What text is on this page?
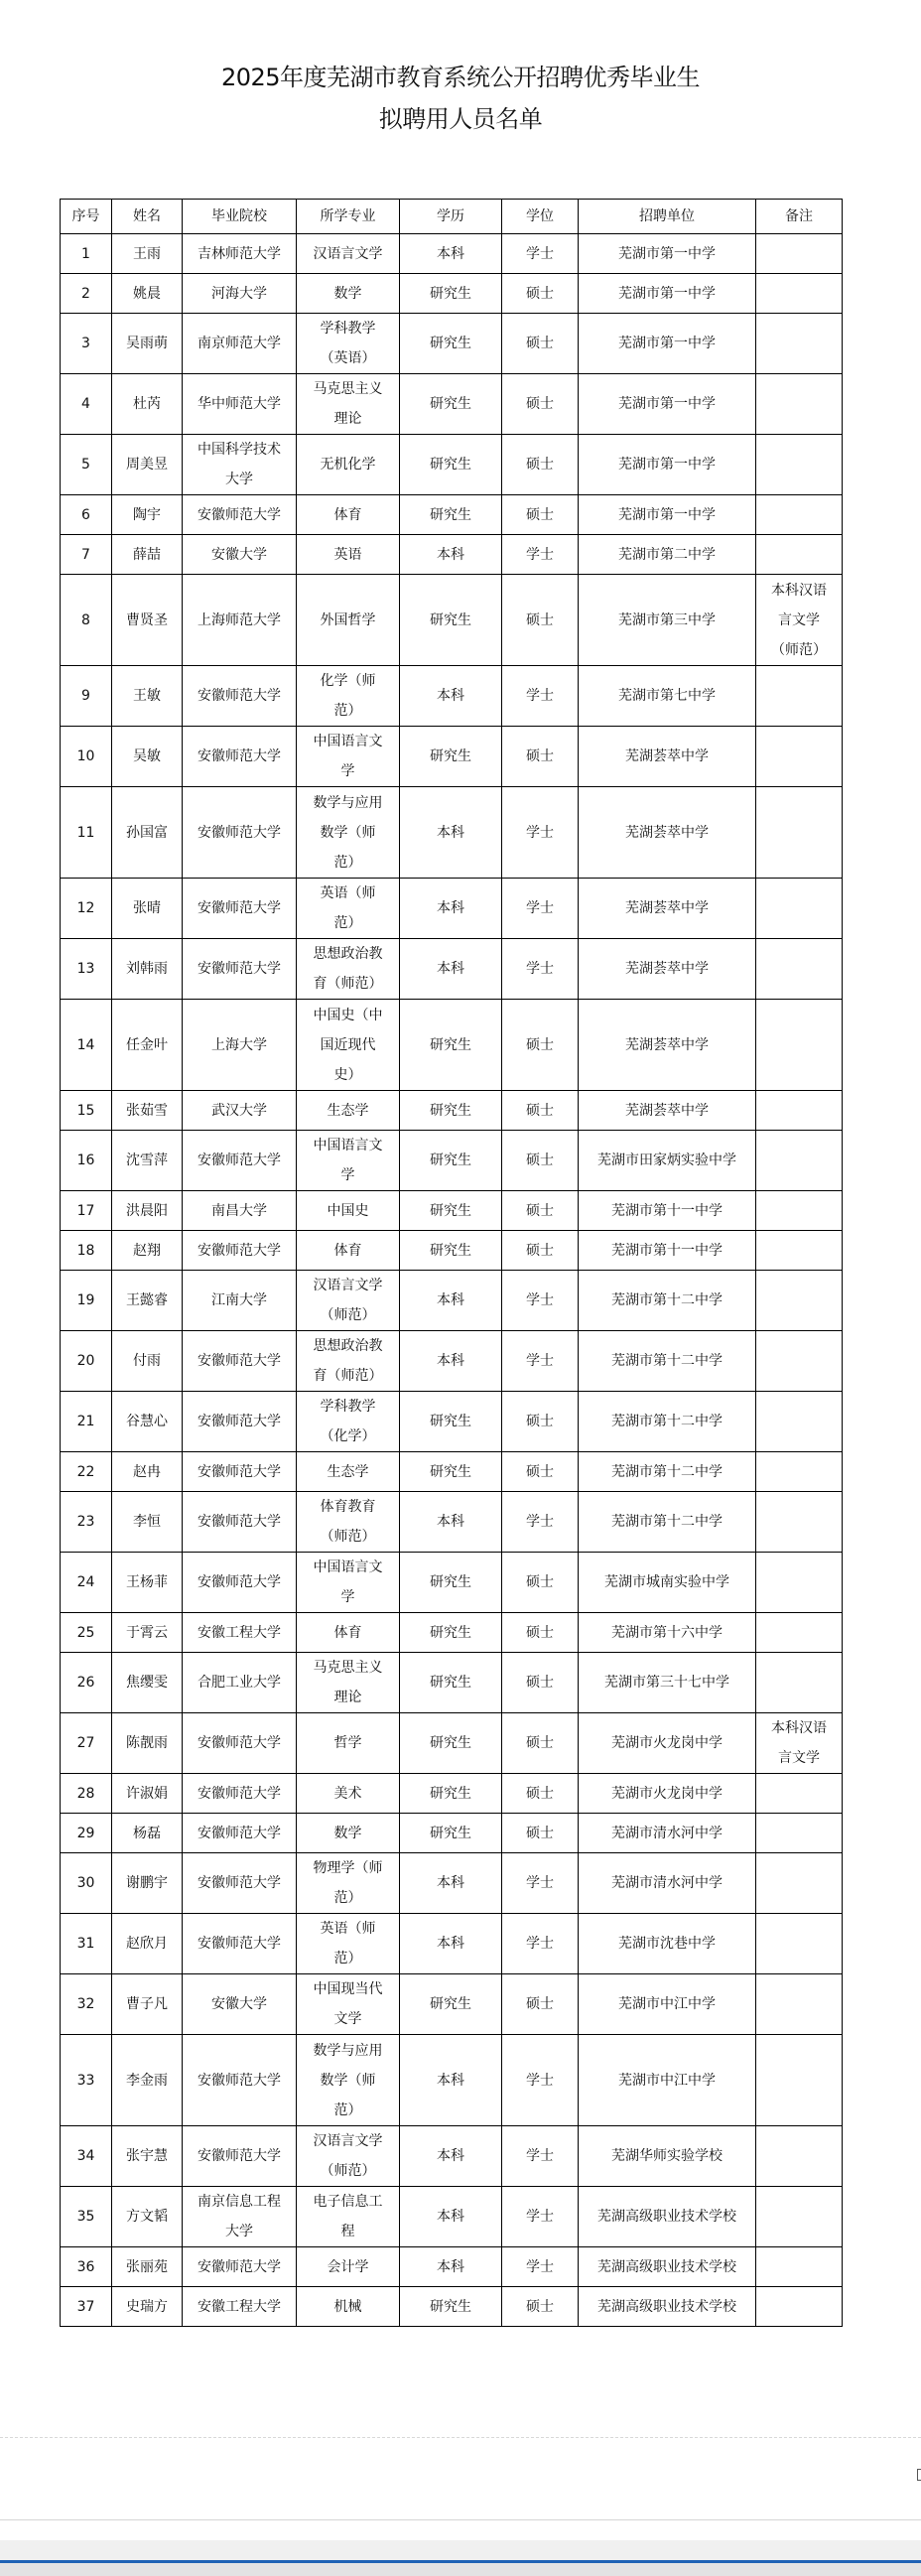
2025年度芜湖市教育系统公开招聘优秀毕业生
拟聘用人员名单
序号	姓名	毕业院校	所学专业	学历	学位	招聘单位	备注
1	王雨	吉林师范大学	汉语言文学	本科	学士	芜湖市第一中学	
2	姚晨	河海大学	数学	研究生	硕士	芜湖市第一中学	
3	吴雨萌	南京师范大学	学科教学
（英语）	研究生	硕士	芜湖市第一中学	
4	杜芮	华中师范大学	马克思主义
理论	研究生	硕士	芜湖市第一中学	
5	周美昱	中国科学技术
大学	无机化学	研究生	硕士	芜湖市第一中学	
6	陶宇	安徽师范大学	体育	研究生	硕士	芜湖市第一中学	
7	薛喆	安徽大学	英语	本科	学士	芜湖市第二中学	
8	曹贤圣	上海师范大学	外国哲学	研究生	硕士	芜湖市第三中学	本科汉语
言文学
（师范）

9	王敏	安徽师范大学	化学（师
范）	本科	学士	芜湖市第七中学	
10	吴敏	安徽师范大学	中国语言文
学	研究生	硕士	芜湖荟萃中学	
11	孙国富	安徽师范大学	数学与应用
数学（师
范）	本科	学士	芜湖荟萃中学	
12	张晴	安徽师范大学	英语（师
范）	本科	学士	芜湖荟萃中学	
13	刘韩雨	安徽师范大学	思想政治教
育（师范）	本科	学士	芜湖荟萃中学	
14	任金叶	上海大学	中国史（中
国近现代
史）	研究生	硕士	芜湖荟萃中学	
15	张茹雪	武汉大学	生态学	研究生	硕士	芜湖荟萃中学	
16	沈雪萍	安徽师范大学	中国语言文
学	研究生	硕士	芜湖市田家炳实验中学	
17	洪晨阳	南昌大学	中国史	研究生	硕士	芜湖市第十一中学	
18	赵翔	安徽师范大学	体育	研究生	硕士	芜湖市第十一中学	
19	王懿睿	江南大学	汉语言文学
（师范）	本科	学士	芜湖市第十二中学	
20	付雨	安徽师范大学	思想政治教
育（师范）	本科	学士	芜湖市第十二中学	
21	谷慧心	安徽师范大学	学科教学
（化学）	研究生	硕士	芜湖市第十二中学	
22	赵冉	安徽师范大学	生态学	研究生	硕士	芜湖市第十二中学	
23	李恒	安徽师范大学	体育教育
（师范）	本科	学士	芜湖市第十二中学	
24	王杨菲	安徽师范大学	中国语言文
学	研究生	硕士	芜湖市城南实验中学	
25	于霄云	安徽工程大学	体育	研究生	硕士	芜湖市第十六中学	
26	焦缨雯	合肥工业大学	马克思主义
理论	研究生	硕士	芜湖市第三十七中学	
27	陈靓雨	安徽师范大学	哲学	研究生	硕士	芜湖市火龙岗中学	本科汉语
言文学

28	许淑娟	安徽师范大学	美术	研究生	硕士	芜湖市火龙岗中学	
29	杨磊	安徽师范大学	数学	研究生	硕士	芜湖市清水河中学	
30	谢鹏宇	安徽师范大学	物理学（师
范）	本科	学士	芜湖市清水河中学	
31	赵欣月	安徽师范大学	英语（师
范）	本科	学士	芜湖市沈巷中学	
32	曹子凡	安徽大学	中国现当代
文学	研究生	硕士	芜湖市中江中学	
33	李金雨	安徽师范大学	数学与应用
数学（师
范）	本科	学士	芜湖市中江中学	
34	张宇慧	安徽师范大学	汉语言文学
（师范）	本科	学士	芜湖华师实验学校	
35	方文韬	南京信息工程
大学	电子信息工
程	本科	学士	芜湖高级职业技术学校	
36	张丽苑	安徽师范大学	会计学	本科	学士	芜湖高级职业技术学校	
37	史瑞方	安徽工程大学	机械	研究生	硕士	芜湖高级职业技术学校	
